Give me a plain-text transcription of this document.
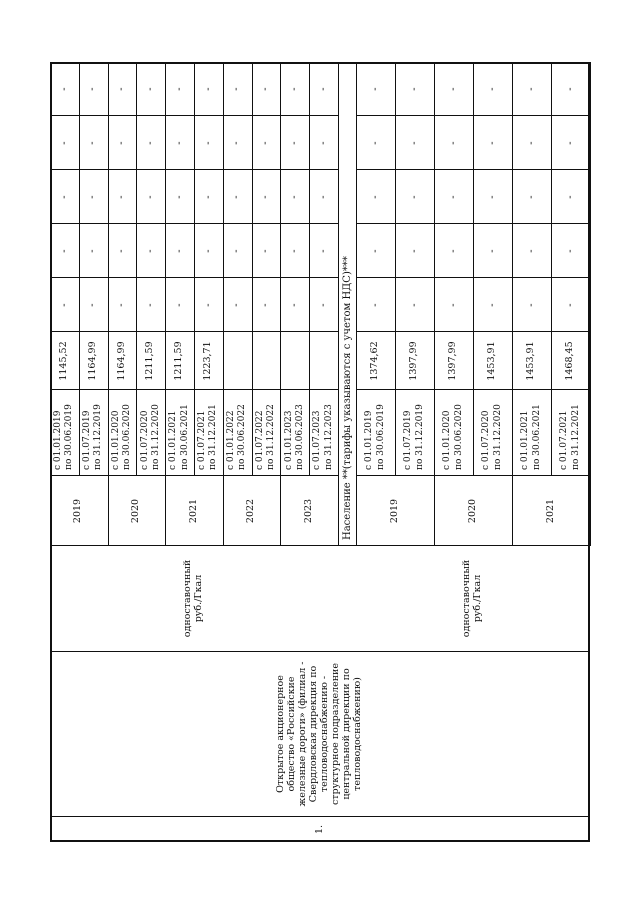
1.
Открытое акционерное общество «Российские железные дороги» (филиал - Свердловская дирекция по тепловодоснабжению - структурное подразделение центральной дирекции по тепловодоснабжению)
одноставочный руб./Гкал	одноставочный руб./Гкал
Население **(тарифы указываются с учетом НДС)***
2019
с 01.01.2019 по 30.06.2019
1145,52
-
-
-
-
-
с 01.07.2019 по 31.12.2019
1164,99
-
-
-
-
-
2020
с 01.01.2020 по 30.06.2020
1164,99
-
-
-
-
-
с 01.07.2020 по 31.12.2020
1211,59
-
-
-
-
-
2021
с 01.01.2021 по 30.06.2021
1211,59
-
-
-
-
-
с 01.07.2021 по 31.12.2021
1223,71
-
-
-
-
-
2022
с 01.01.2022 по 30.06.2022
-
-
-
-
-
с 01.07.2022 по 31.12.2022
-
-
-
-
-
2023
с 01.01.2023 по 30.06.2023
-
-
-
-
-
с 01.07.2023 по 31.12.2023
-
-
-
-
-
2019
с 01.01.2019 по 30.06.2019
1374,62
-
-
-
-
-
с 01.07.2019 по 31.12.2019
1397,99
-
-
-
-
-
2020
с 01.01.2020 по 30.06.2020
1397,99
-
-
-
-
-
с 01.07.2020 по 31.12.2020
1453,91
-
-
-
-
-
2021
с 01.01.2021 по 30.06.2021
1453,91
-
-
-
-
-
с 01.07.2021 по 31.12.2021
1468,45
-
-
-
-
-
